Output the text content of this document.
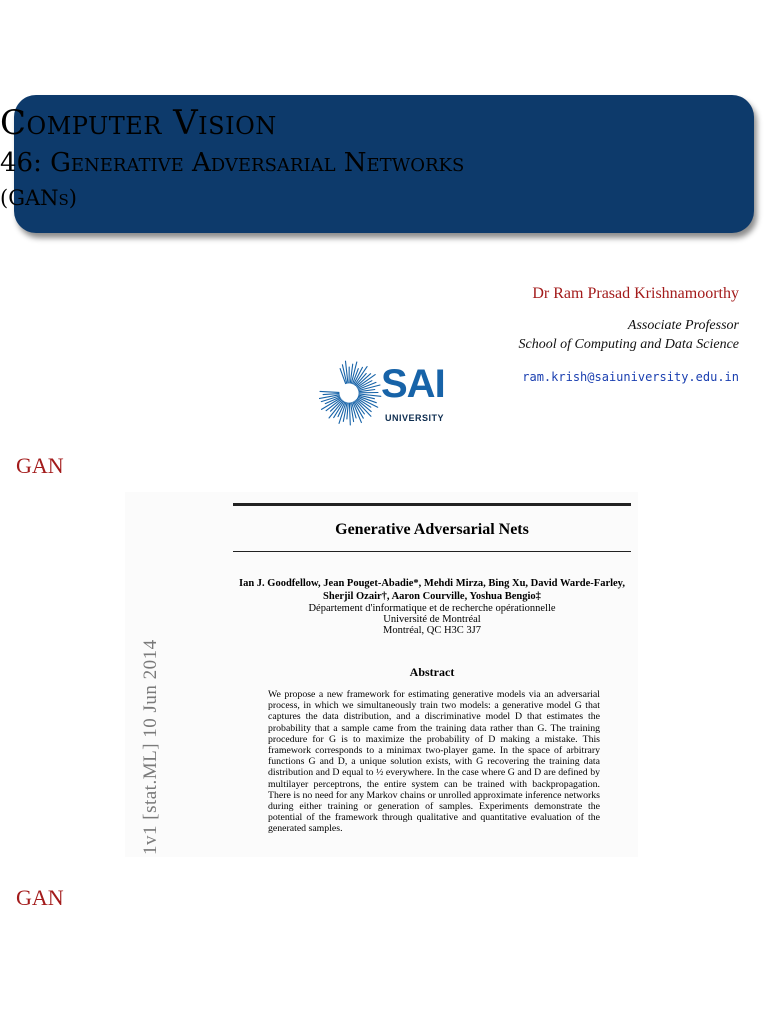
Computer Vision
46: Generative Adversarial Networks
(GANs)
Dr Ram Prasad Krishnamoorthy
Associate Professor
School of Computing and Data Science
ram.krish@saiuniversity.edu.in
SAI
UNIVERSITY
GAN
1v1 [stat.ML] 10 Jun 2014
Generative Adversarial Nets
Ian J. Goodfellow, Jean Pouget-Abadie*, Mehdi Mirza, Bing Xu, David Warde-Farley,
Sherjil Ozair†, Aaron Courville, Yoshua Bengio‡
Département d'informatique et de recherche opérationnelle
Université de Montréal
Montréal, QC H3C 3J7
Abstract
We propose a new framework for estimating generative models via an adversarial process, in which we simultaneously train two models: a generative model G that captures the data distribution, and a discriminative model D that estimates the probability that a sample came from the training data rather than G. The training procedure for G is to maximize the probability of D making a mistake. This framework corresponds to a minimax two-player game. In the space of arbitrary functions G and D, a unique solution exists, with G recovering the training data distribution and D equal to ½ everywhere. In the case where G and D are defined by multilayer perceptrons, the entire system can be trained with backpropagation. There is no need for any Markov chains or unrolled approximate inference networks during either training or generation of samples. Experiments demonstrate the potential of the framework through qualitative and quantitative evaluation of the generated samples.
GAN
